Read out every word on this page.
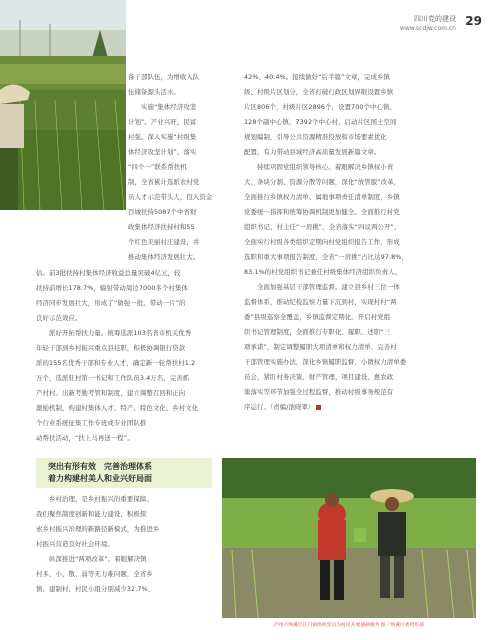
四川党的建设
www.scdjw.com.cn
29

备干部队伍，为增收入队

伍储备源头活水。

　　实施“集体经济攻坚

计划”。产业兴旺，民富

村强。深入实施“村级集

体经济攻坚计划”，落实

“四个一”联系帮扶机

制，全省累计选派农村党

员人才示范带头人，投入资金

百城扶持5087个中省财

政集体经济扶持村和55

个红色美丽村庄建设，并

推动集体经济发展壮大。

估。前3批扶持村集体经济收益总量突破4亿元，较

扶持前增长178.7%，辐射带动周边7000多个村集体

经济同步发展壮大，形成了“做强一批、带动一片”的

良好示范效应。

　　派好开拓帮扶力量。统筹选派103名省市机关优秀

年轻干部到乡村振兴重点县挂职，积极协调银行贷款

派的155名优秀干部和专业人才，确定新一轮帮扶村1.2

万个，选派驻村第一书记和工作队员3.4万名，完善抓

产村村。出新考勤考管和制度，建立调整召回和正向

激励机制，构建村集体人才、特产、特色文化、乡村文化

个行业系统征集工作专班或专业团队推

动帮扶活动，“扶上马再送一程”。

突出有形有效　完善治理体系
着力构建村美人和业兴好局面

　　乡村治理，是乡村振兴的重要保障。

我们聚焦制度创新和能力建设，积极探

索乡村振兴治理的新路径新模式，为推进乡

村振兴营造良好社会环境。

　　纵深推进“两项改革”。着眼解决镇

村多、小、散、弱等无力难问题，全省乡

镇、建制村、村民小组分别减少32.7%、

42%、40.4%。接续做好“后半篇”文章，完成乡镇

级、村级片区划分，全省打破行政区划界限设置乡镇

片区806个，村级片区2896个，设置700个中心镇、

128个副中心镇、7392个中心村，启动片区国土空间

规划编制，引导公共资源精准投放和市场要素优化

配置，有力带动县域经济高质量发展新篇文章。

　　持续巩固党组织领导核心。着眼解决乡镇权小责

大、条块分割、资源分散等问题，深化“放管服”改革，

全面推行乡镇权力清单、属地事项责任清单制度，乡镇

党委统一指挥和统筹协调机制更加健全。全面推行村党

组织书记、村主任“一肩挑”，全省落实“四议两公开”，

全面实行村级各类组织定期向村党组织报告工作，形成

选职和重大事项报告制度，全省“一肩挑”占比达97.8%，

83.1%的村党组织书记兼任村级集体经济组织负责人。

　　全面加强基层干部管理监督。建立县乡村三位一体

监督体系，推动纪检监察力量下沉到村，实现村村“两

委”县级巡察全覆盖，乡镇监督定期化。开启村党组

织书记管理制度，全面推行专职化、履职、述职“三

项承诺”，制定调整履职大项清单和权力清单、完善村

干部管理实施办法，深化乡镇履职监督，小微权力清单委

员会，紧盯村务决策、财产管理、项目建设、惠农政

策落实等环节加强全过程监督，推动村级事务规范有

序运行。（责编/池晓翠）

泸州市纳溪区江门镇组织党员为村民开展插秧服务 图／纳溪区委组织部
